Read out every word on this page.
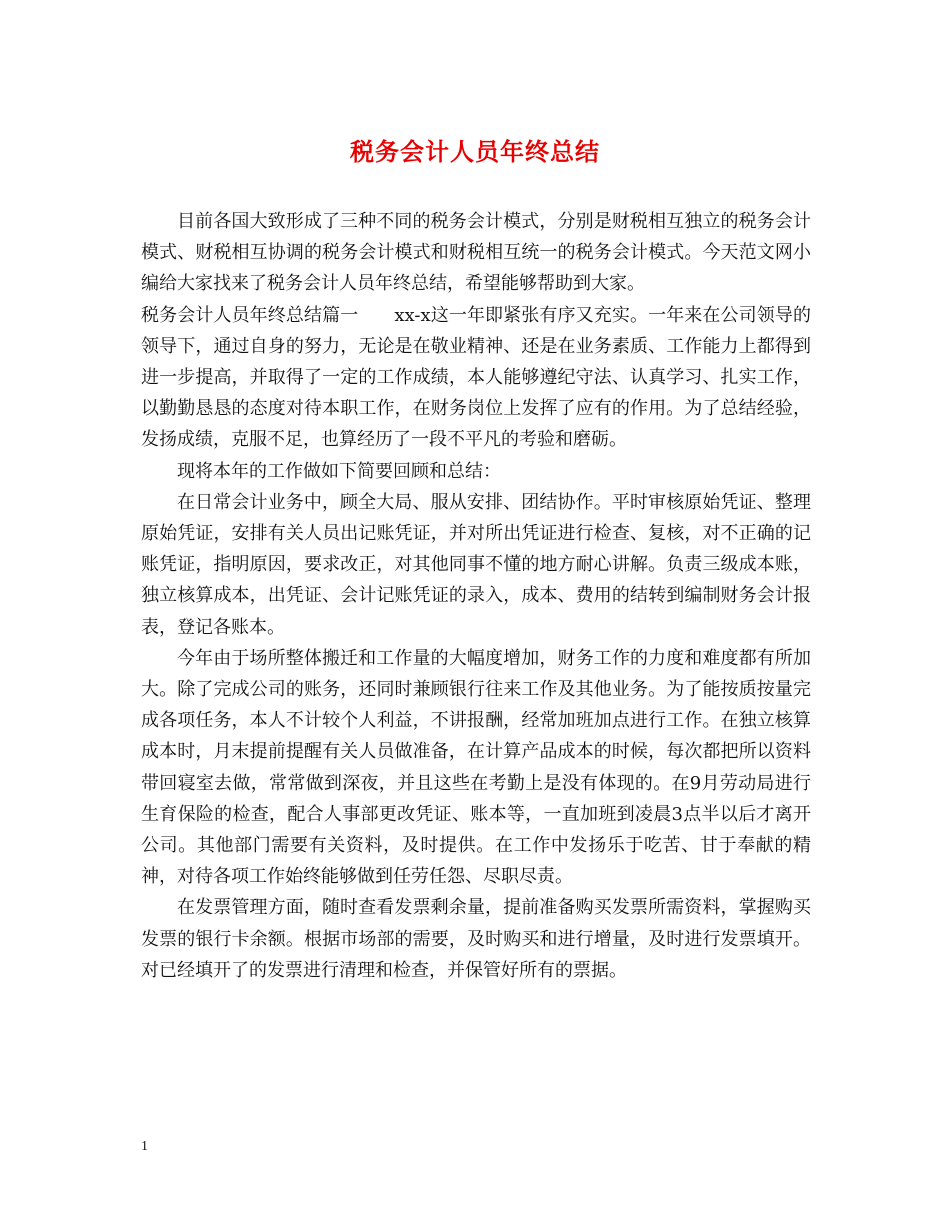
税务会计人员年终总结

目前各国大致形成了三种不同的税务会计模式，分别是财税相互独立的税务会计模式、财税相互协调的税务会计模式和财税相互统一的税务会计模式。今天范文网小编给大家找来了税务会计人员年终总结，希望能够帮助到大家。

税务会计人员年终总结篇一 xx-x这一年即紧张有序又充实。一年来在公司领导的领导下，通过自身的努力，无论是在敬业精神、还是在业务素质、工作能力上都得到进一步提高，并取得了一定的工作成绩，本人能够遵纪守法、认真学习、扎实工作，以勤勤恳恳的态度对待本职工作，在财务岗位上发挥了应有的作用。为了总结经验，发扬成绩，克服不足，也算经历了一段不平凡的考验和磨砺。

现将本年的工作做如下简要回顾和总结：

在日常会计业务中，顾全大局、服从安排、团结协作。平时审核原始凭证、整理原始凭证，安排有关人员出记账凭证，并对所出凭证进行检查、复核，对不正确的记账凭证，指明原因，要求改正，对其他同事不懂的地方耐心讲解。负责三级成本账，独立核算成本，出凭证、会计记账凭证的录入，成本、费用的结转到编制财务会计报表，登记各账本。

今年由于场所整体搬迁和工作量的大幅度增加，财务工作的力度和难度都有所加大。除了完成公司的账务，还同时兼顾银行往来工作及其他业务。为了能按质按量完成各项任务，本人不计较个人利益，不讲报酬，经常加班加点进行工作。在独立核算成本时，月末提前提醒有关人员做准备，在计算产品成本的时候，每次都把所以资料带回寝室去做，常常做到深夜，并且这些在考勤上是没有体现的。在9月劳动局进行生育保险的检查，配合人事部更改凭证、账本等，一直加班到凌晨3点半以后才离开公司。其他部门需要有关资料，及时提供。在工作中发扬乐于吃苦、甘于奉献的精神，对待各项工作始终能够做到任劳任怨、尽职尽责。

在发票管理方面，随时查看发票剩余量，提前准备购买发票所需资料，掌握购买发票的银行卡余额。根据市场部的需要，及时购买和进行增量，及时进行发票填开。对已经填开了的发票进行清理和检查，并保管好所有的票据。

1
